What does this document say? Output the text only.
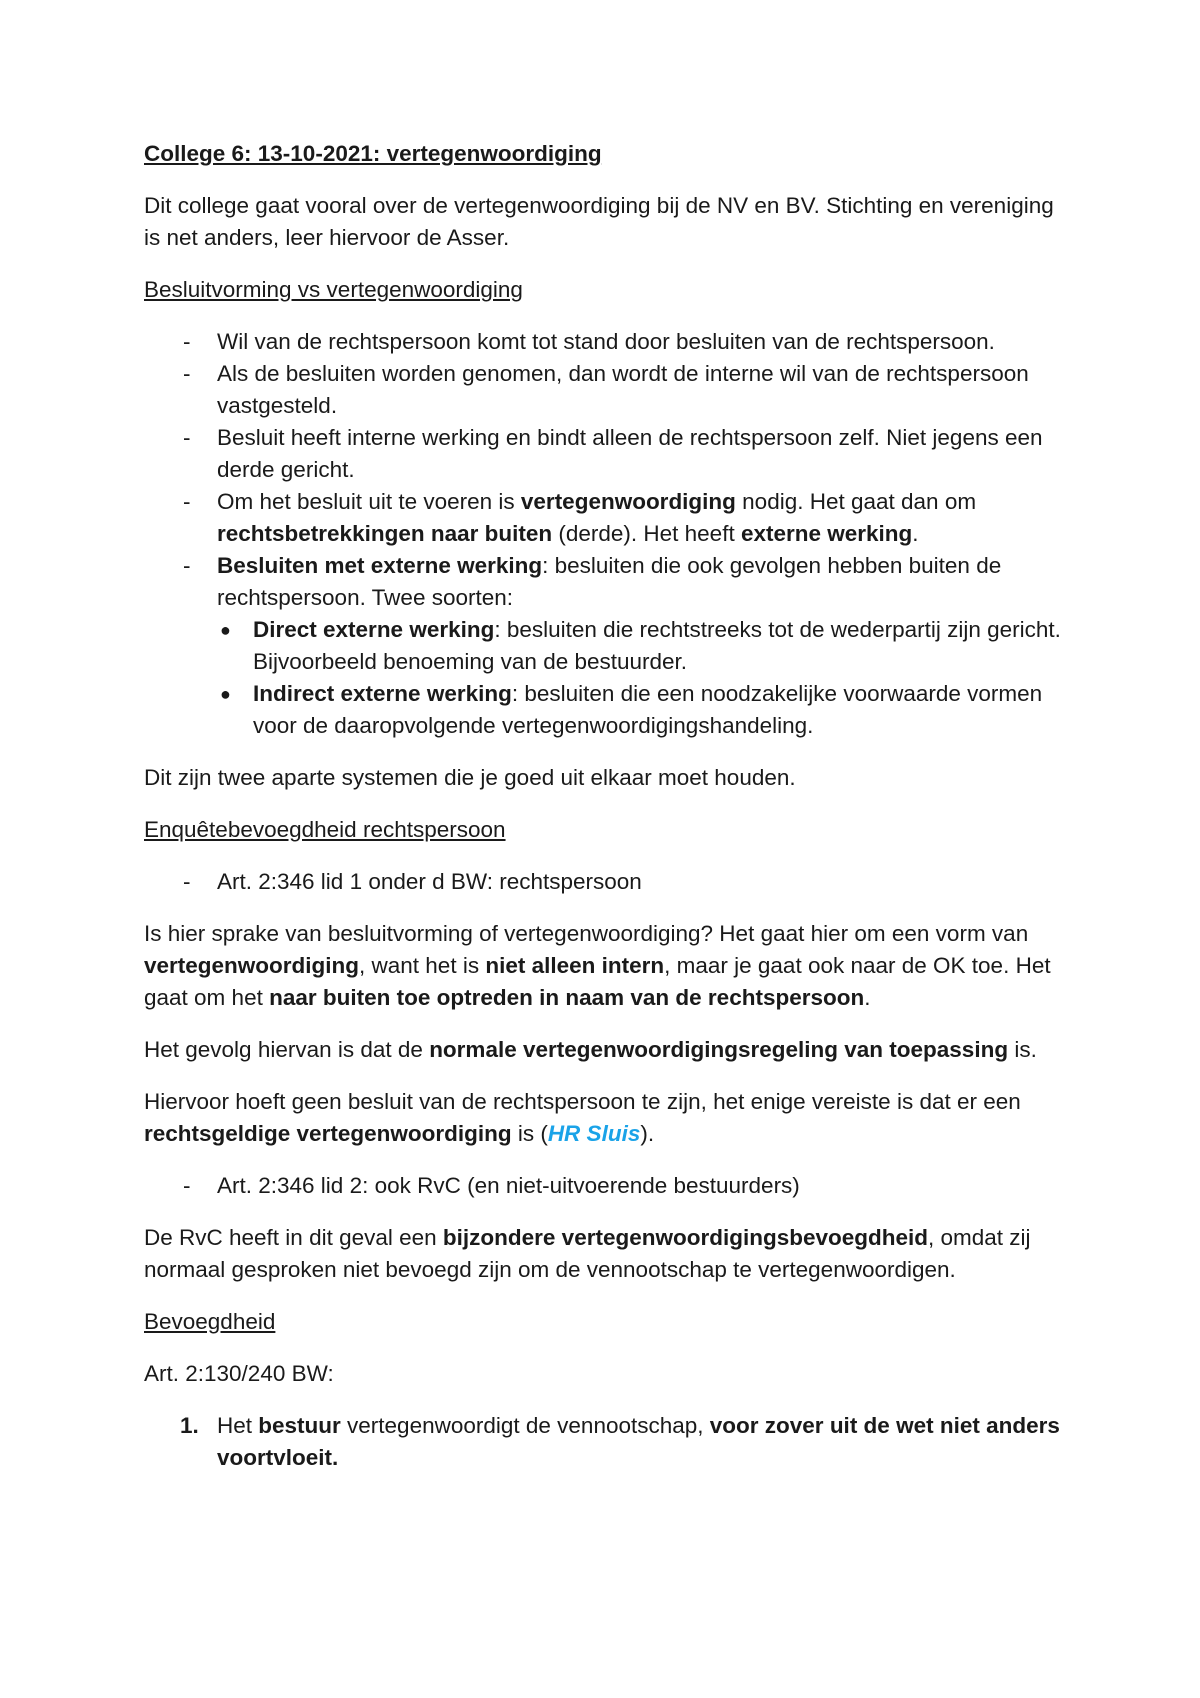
College 6: 13-10-2021: vertegenwoordiging

Dit college gaat vooral over de vertegenwoordiging bij de NV en BV. Stichting en vereniging is net anders, leer hiervoor de Asser.

Besluitvorming vs vertegenwoordiging

- Wil van de rechtspersoon komt tot stand door besluiten van de rechtspersoon.
- Als de besluiten worden genomen, dan wordt de interne wil van de rechtspersoon vastgesteld.
- Besluit heeft interne werking en bindt alleen de rechtspersoon zelf. Niet jegens een derde gericht.
- Om het besluit uit te voeren is vertegenwoordiging nodig. Het gaat dan om rechtsbetrekkingen naar buiten (derde). Het heeft externe werking.
- Besluiten met externe werking: besluiten die ook gevolgen hebben buiten de rechtspersoon. Twee soorten:
● Direct externe werking: besluiten die rechtstreeks tot de wederpartij zijn gericht. Bijvoorbeeld benoeming van de bestuurder.
● Indirect externe werking: besluiten die een noodzakelijke voorwaarde vormen voor de daaropvolgende vertegenwoordigingshandeling.

Dit zijn twee aparte systemen die je goed uit elkaar moet houden.

Enquêtebevoegdheid rechtspersoon

- Art. 2:346 lid 1 onder d BW: rechtspersoon

Is hier sprake van besluitvorming of vertegenwoordiging? Het gaat hier om een vorm van vertegenwoordiging, want het is niet alleen intern, maar je gaat ook naar de OK toe. Het gaat om het naar buiten toe optreden in naam van de rechtspersoon.

Het gevolg hiervan is dat de normale vertegenwoordigingsregeling van toepassing is.

Hiervoor hoeft geen besluit van de rechtspersoon te zijn, het enige vereiste is dat er een rechtsgeldige vertegenwoordiging is (HR Sluis).

- Art. 2:346 lid 2: ook RvC (en niet-uitvoerende bestuurders)

De RvC heeft in dit geval een bijzondere vertegenwoordigingsbevoegdheid, omdat zij normaal gesproken niet bevoegd zijn om de vennootschap te vertegenwoordigen.

Bevoegdheid

Art. 2:130/240 BW:

1. Het bestuur vertegenwoordigt de vennootschap, voor zover uit de wet niet anders voortvloeit.
